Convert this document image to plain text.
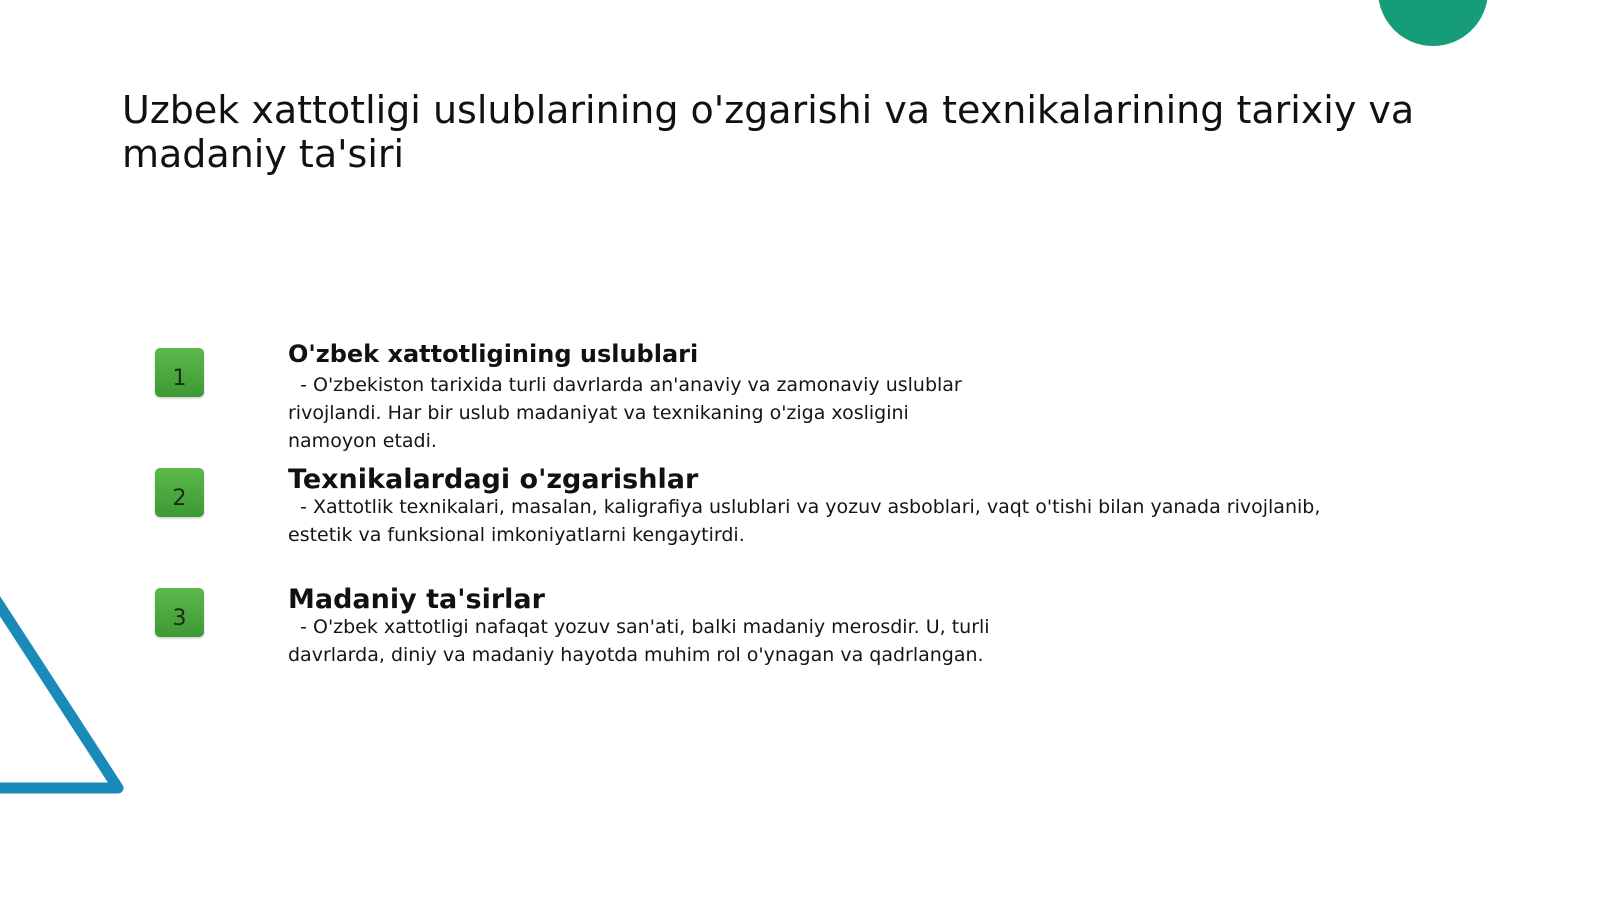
Uzbek xattotligi uslublarining o'zgarishi va texnikalarining tarixiy va madaniy ta'siri
1
O'zbek xattotligining uslublari

- O'zbekiston tarixida turli davrlarda an'anaviy va zamonaviy uslublar
rivojlandi. Har bir uslub madaniyat va texnikaning o'ziga xosligini
namoyon etadi.

2
Texnikalardagi o'zgarishlar

- Xattotlik texnikalari, masalan, kaligrafiya uslublari va yozuv asboblari, vaqt o'tishi bilan yanada rivojlanib,
estetik va funksional imkoniyatlarni kengaytirdi.

3
Madaniy ta'sirlar

- O'zbek xattotligi nafaqat yozuv san'ati, balki madaniy merosdir. U, turli
davrlarda, diniy va madaniy hayotda muhim rol o'ynagan va qadrlangan.
